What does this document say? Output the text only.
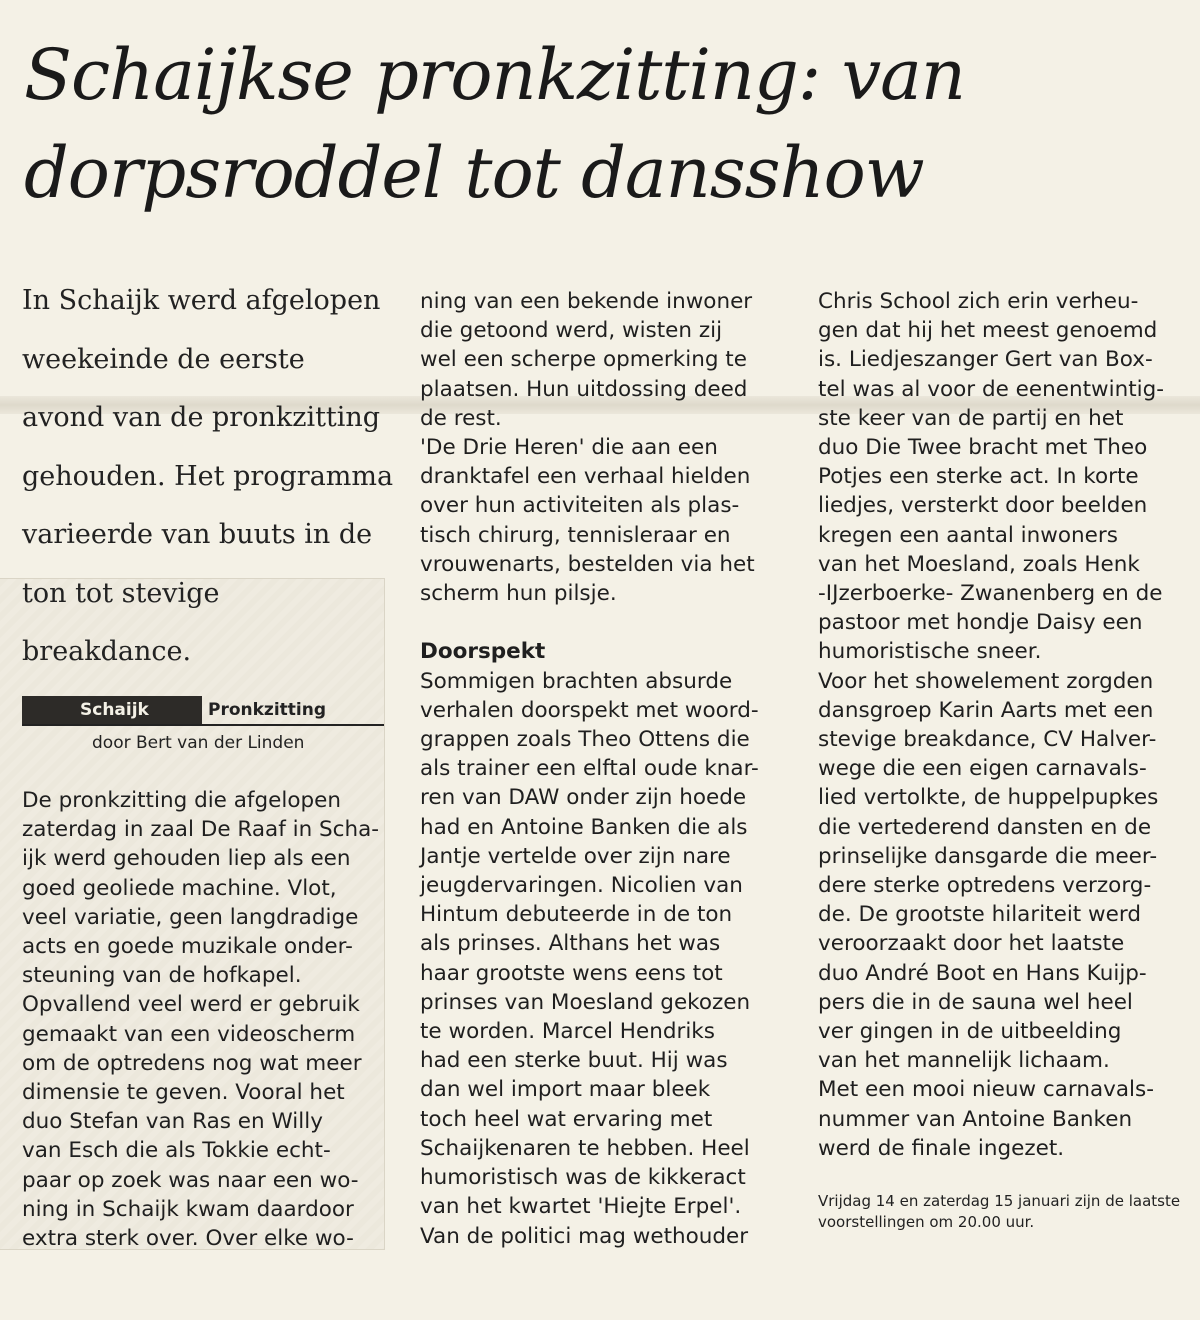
Schaijkse pronkzitting: van dorpsroddel tot dansshow

In Schaijk werd afgelopen weekeinde de eerste avond van de pronkzitting gehouden. Het programma varieerde van buuts in de ton tot stevige breakdance.

Schaijk	Pronkzitting
door Bert van der Linden
De pronkzitting die afgelopen
zaterdag in zaal De Raaf in Scha-
ijk werd gehouden liep als een
goed geoliede machine. Vlot,
veel variatie, geen langdradige
acts en goede muzikale onder-
steuning van de hofkapel.
Opvallend veel werd er gebruik
gemaakt van een videoscherm
om de optredens nog wat meer
dimensie te geven. Vooral het
duo Stefan van Ras en Willy
van Esch die als Tokkie echt-
paar op zoek was naar een wo-
ning in Schaijk kwam daardoor
extra sterk over. Over elke wo-
ning van een bekende inwoner
die getoond werd, wisten zij
wel een scherpe opmerking te
plaatsen. Hun uitdossing deed
de rest.
'De Drie Heren' die aan een
dranktafel een verhaal hielden
over hun activiteiten als plas-
tisch chirurg, tennisleraar en
vrouwenarts, bestelden via het
scherm hun pilsje.

Doorspekt
Sommigen brachten absurde
verhalen doorspekt met woord-
grappen zoals Theo Ottens die
als trainer een elftal oude knar-
ren van DAW onder zijn hoede
had en Antoine Banken die als
Jantje vertelde over zijn nare
jeugdervaringen. Nicolien van
Hintum debuteerde in de ton
als prinses. Althans het was
haar grootste wens eens tot
prinses van Moesland gekozen
te worden. Marcel Hendriks
had een sterke buut. Hij was
dan wel import maar bleek
toch heel wat ervaring met
Schaijkenaren te hebben. Heel
humoristisch was de kikkeract
van het kwartet 'Hiejte Erpel'.
Van de politici mag wethouder
Chris School zich erin verheu-
gen dat hij het meest genoemd
is. Liedjeszanger Gert van Box-
tel was al voor de eenentwintig-
ste keer van de partij en het
duo Die Twee bracht met Theo
Potjes een sterke act. In korte
liedjes, versterkt door beelden
kregen een aantal inwoners
van het Moesland, zoals Henk
-IJzerboerke- Zwanenberg en de
pastoor met hondje Daisy een
humoristische sneer.
Voor het showelement zorgden
dansgroep Karin Aarts met een
stevige breakdance, CV Halver-
wege die een eigen carnavals-
lied vertolkte, de huppelpupkes
die vertederend dansten en de
prinselijke dansgarde die meer-
dere sterke optredens verzorg-
de. De grootste hilariteit werd
veroorzaakt door het laatste
duo André Boot en Hans Kuijp-
pers die in de sauna wel heel
ver gingen in de uitbeelding
van het mannelijk lichaam.
Met een mooi nieuw carnavals-
nummer van Antoine Banken
werd de finale ingezet.
Vrijdag 14 en zaterdag 15 januari zijn de laatste voorstellingen om 20.00 uur.
